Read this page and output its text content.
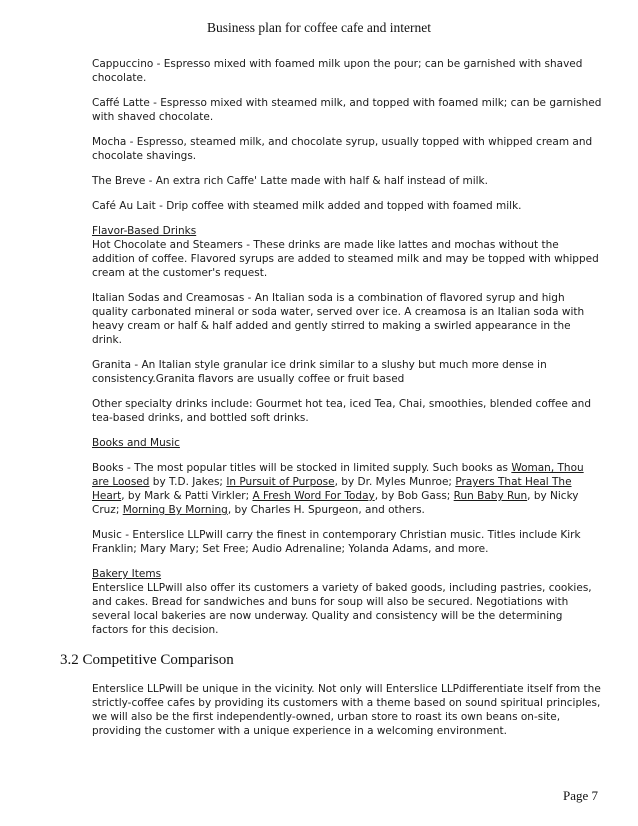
Business plan for coffee cafe and internet

Cappuccino - Espresso mixed with foamed milk upon the pour; can be garnished with shaved chocolate.

Caffé Latte - Espresso mixed with steamed milk, and topped with foamed milk; can be garnished with shaved chocolate.

Mocha - Espresso, steamed milk, and chocolate syrup, usually topped with whipped cream and chocolate shavings.

The Breve - An extra rich Caffe' Latte made with half & half instead of milk.

Café Au Lait - Drip coffee with steamed milk added and topped with foamed milk.

Flavor-Based Drinks
Hot Chocolate and Steamers - These drinks are made like lattes and mochas without the addition of coffee. Flavored syrups are added to steamed milk and may be topped with whipped cream at the customer's request.

Italian Sodas and Creamosas - An Italian soda is a combination of flavored syrup and high quality carbonated mineral or soda water, served over ice. A creamosa is an Italian soda with heavy cream or half & half added and gently stirred to making a swirled appearance in the drink.

Granita - An Italian style granular ice drink similar to a slushy but much more dense in consistency.Granita flavors are usually coffee or fruit based

Other specialty drinks include: Gourmet hot tea, iced Tea, Chai, smoothies, blended coffee and tea-based drinks, and bottled soft drinks.

Books and Music

Books - The most popular titles will be stocked in limited supply. Such books as Woman, Thou are Loosed by T.D. Jakes; In Pursuit of Purpose, by Dr. Myles Munroe; Prayers That Heal The Heart, by Mark & Patti Virkler; A Fresh Word For Today, by Bob Gass; Run Baby Run, by Nicky Cruz; Morning By Morning, by Charles H. Spurgeon, and others.

Music - Enterslice LLPwill carry the finest in contemporary Christian music. Titles include Kirk Franklin; Mary Mary; Set Free; Audio Adrenaline; Yolanda Adams, and more.

Bakery Items
Enterslice LLPwill also offer its customers a variety of baked goods, including pastries, cookies, and cakes. Bread for sandwiches and buns for soup will also be secured. Negotiations with several local bakeries are now underway. Quality and consistency will be the determining factors for this decision.

3.2 Competitive Comparison
Enterslice LLPwill be unique in the vicinity. Not only will Enterslice LLPdifferentiate itself from the strictly-coffee cafes by providing its customers with a theme based on sound spiritual principles, we will also be the first independently-owned, urban store to roast its own beans on-site, providing the customer with a unique experience in a welcoming environment.
Page 7
